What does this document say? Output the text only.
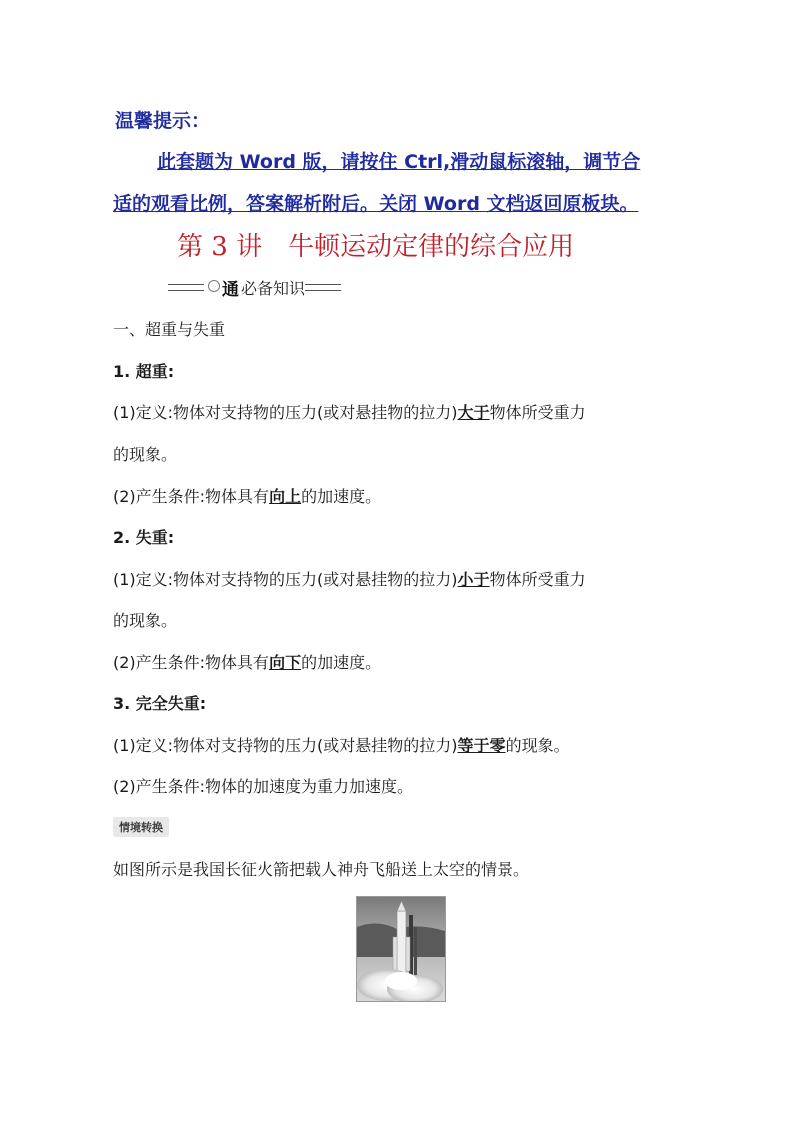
温馨提示：
此套题为 Word 版，请按住 Ctrl,滑动鼠标滚轴，调节合
适的观看比例，答案解析附后。关闭 Word 文档返回原板块。
第 3 讲　牛顿运动定律的综合应用
通 必备知识
一、超重与失重
1. 超重:
(1)定义:物体对支持物的压力(或对悬挂物的拉力)大于物体所受重力
的现象。
(2)产生条件:物体具有向上的加速度。
2. 失重:
(1)定义:物体对支持物的压力(或对悬挂物的拉力)小于物体所受重力
的现象。
(2)产生条件:物体具有向下的加速度。
3. 完全失重:
(1)定义:物体对支持物的压力(或对悬挂物的拉力)等于零的现象。
(2)产生条件:物体的加速度为重力加速度。
情境转换
如图所示是我国长征火箭把载人神舟飞船送上太空的情景。
